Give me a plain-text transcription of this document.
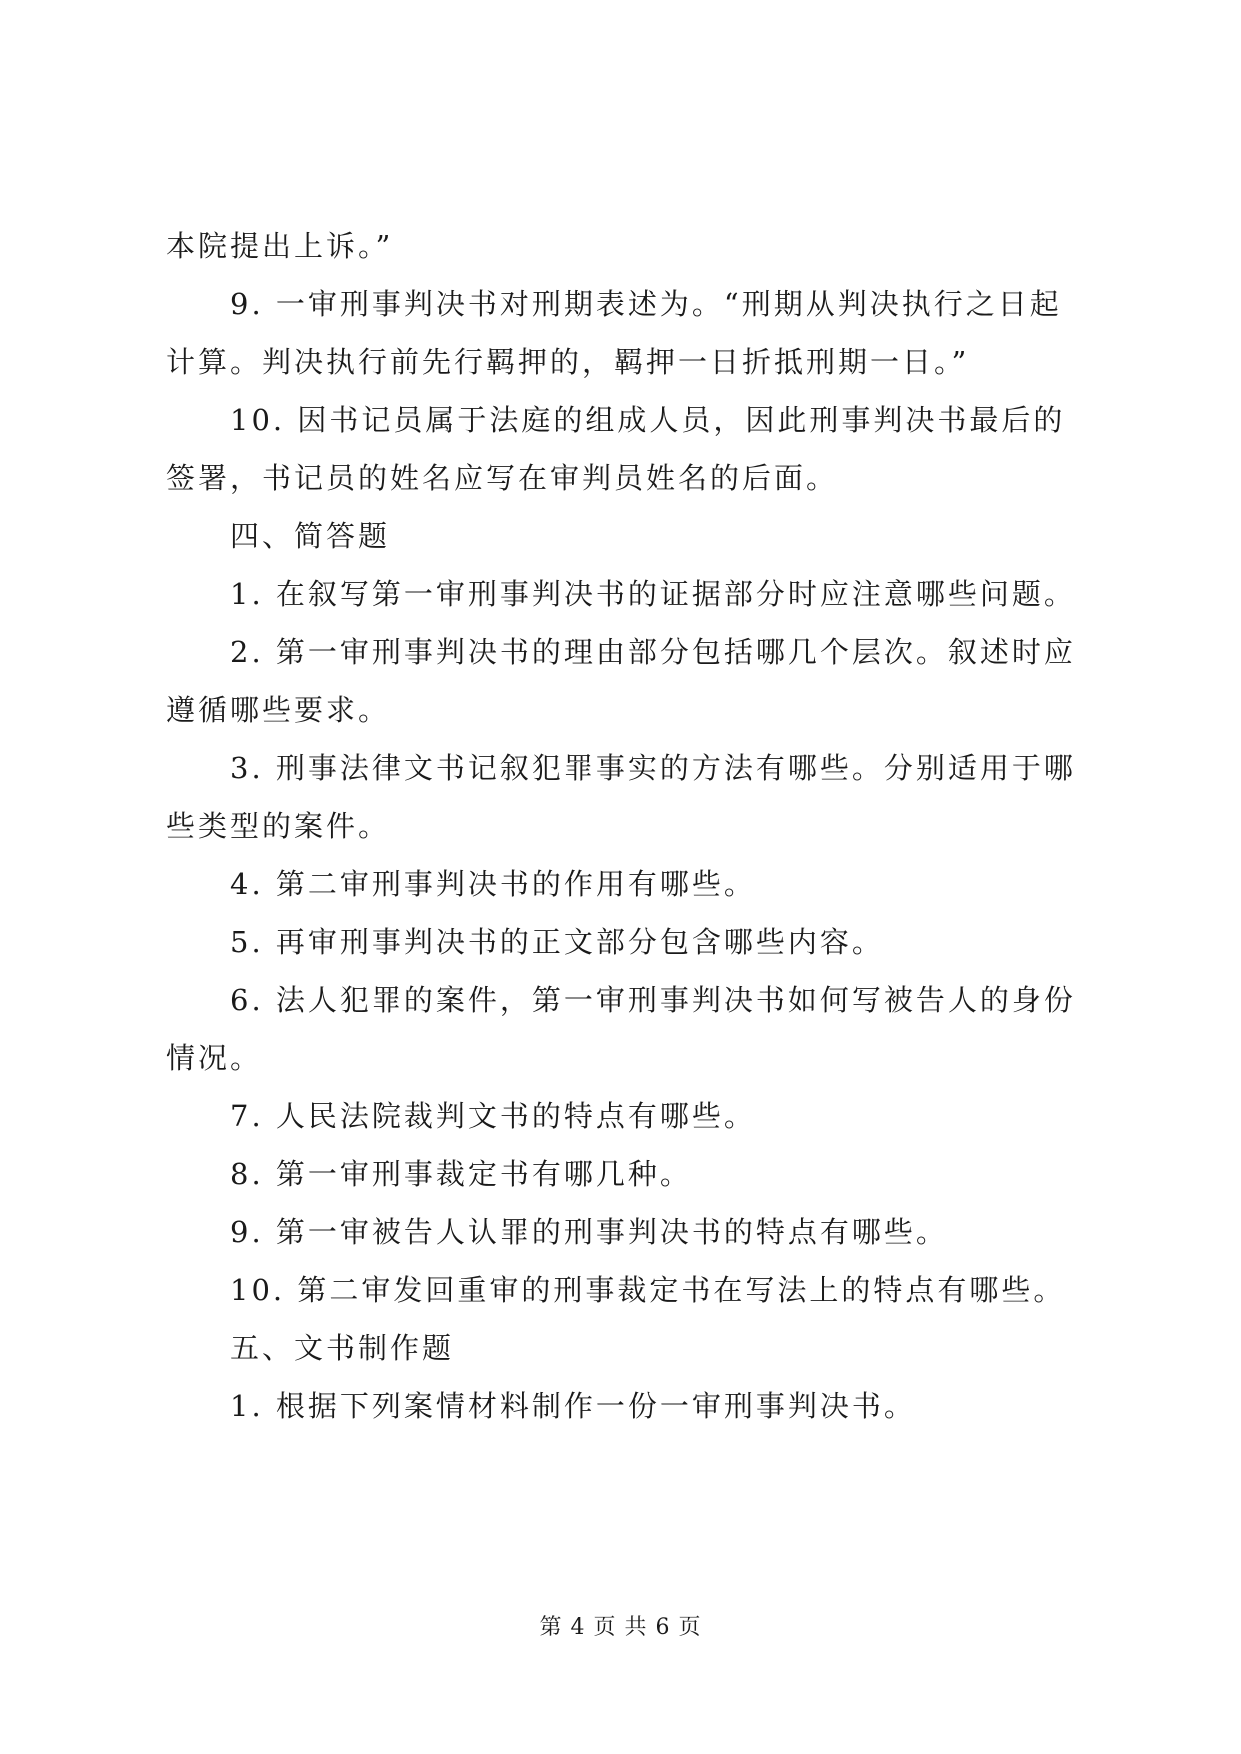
本院提出上诉。”
9. 一审刑事判决书对刑期表述为。“刑期从判决执行之日起
计算。判决执行前先行羁押的，羁押一日折抵刑期一日。”
10. 因书记员属于法庭的组成人员，因此刑事判决书最后的
签署，书记员的姓名应写在审判员姓名的后面。
四、简答题
1. 在叙写第一审刑事判决书的证据部分时应注意哪些问题。
2. 第一审刑事判决书的理由部分包括哪几个层次。叙述时应
遵循哪些要求。
3. 刑事法律文书记叙犯罪事实的方法有哪些。分别适用于哪
些类型的案件。
4. 第二审刑事判决书的作用有哪些。
5. 再审刑事判决书的正文部分包含哪些内容。
6. 法人犯罪的案件，第一审刑事判决书如何写被告人的身份
情况。
7. 人民法院裁判文书的特点有哪些。
8. 第一审刑事裁定书有哪几种。
9. 第一审被告人认罪的刑事判决书的特点有哪些。
10. 第二审发回重审的刑事裁定书在写法上的特点有哪些。
五、文书制作题
1. 根据下列案情材料制作一份一审刑事判决书。
第 4 页 共 6 页
